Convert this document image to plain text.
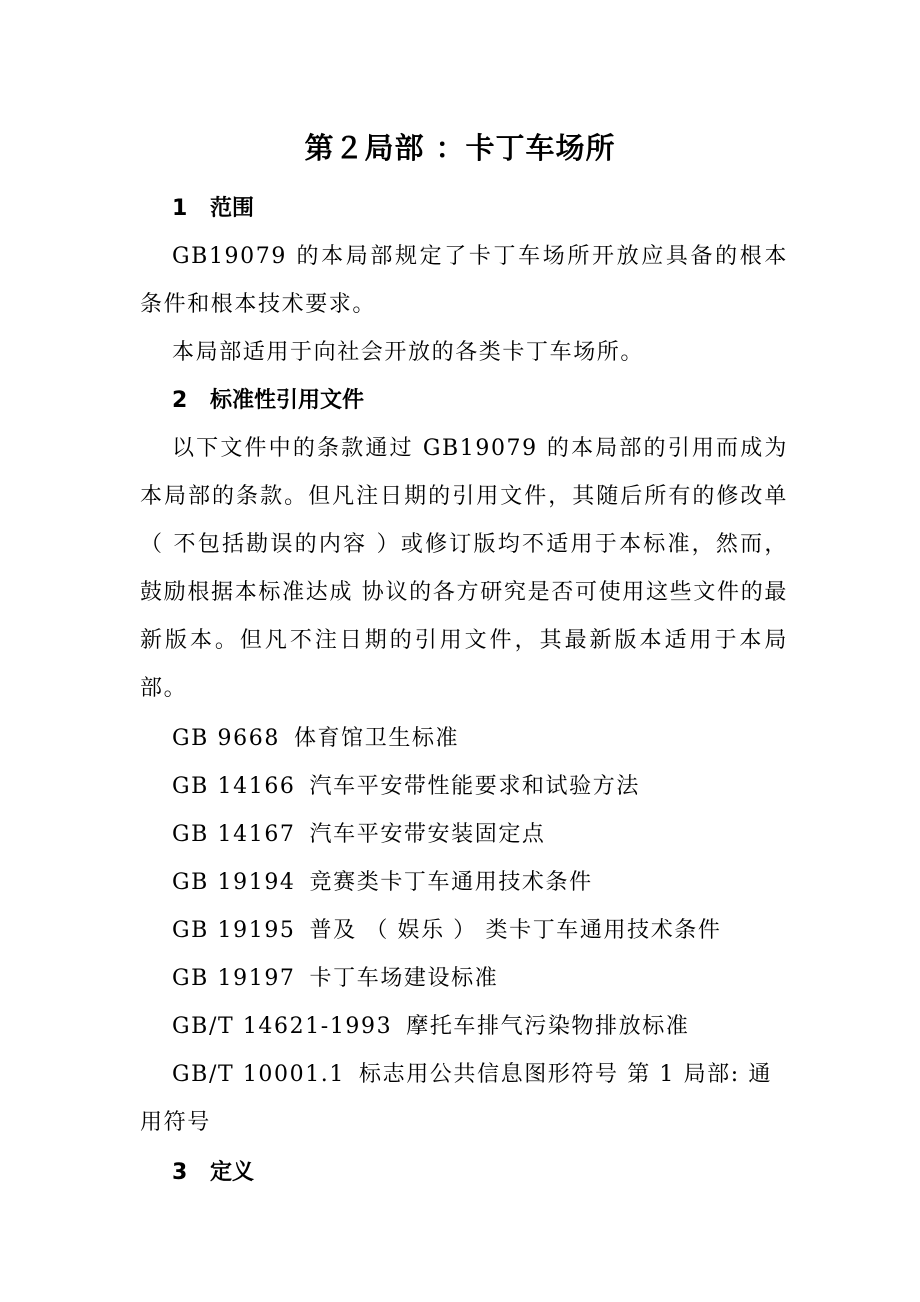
第２局部 ：卡丁车场所
1 范围
GB19079 的本局部规定了卡丁车场所开放应具备的根本条件和根本技术要求。
本局部适用于向社会开放的各类卡丁车场所。
2 标准性引用文件
以下文件中的条款通过 GB19079 的本局部的引用而成为本局部的条款。但凡注日期的引用文件，其随后所有的修改单（ 不包括勘误的内容 ）或修订版均不适用于本标准，然而，鼓励根据本标准达成 协议的各方研究是否可使用这些文件的最新版本。但凡不注日期的引用文件，其最新版本适用于本局部。
GB 9668 体育馆卫生标准
GB 14166 汽车平安带性能要求和试验方法
GB 14167 汽车平安带安装固定点
GB 19194 竞赛类卡丁车通用技术条件
GB 19195 普及 （ 娱乐 ） 类卡丁车通用技术条件
GB 19197 卡丁车场建设标准
GB/T 14621-1993 摩托车排气污染物排放标准
GB/T 10001.1 标志用公共信息图形符号 第 1 局部: 通用符号
3 定义
